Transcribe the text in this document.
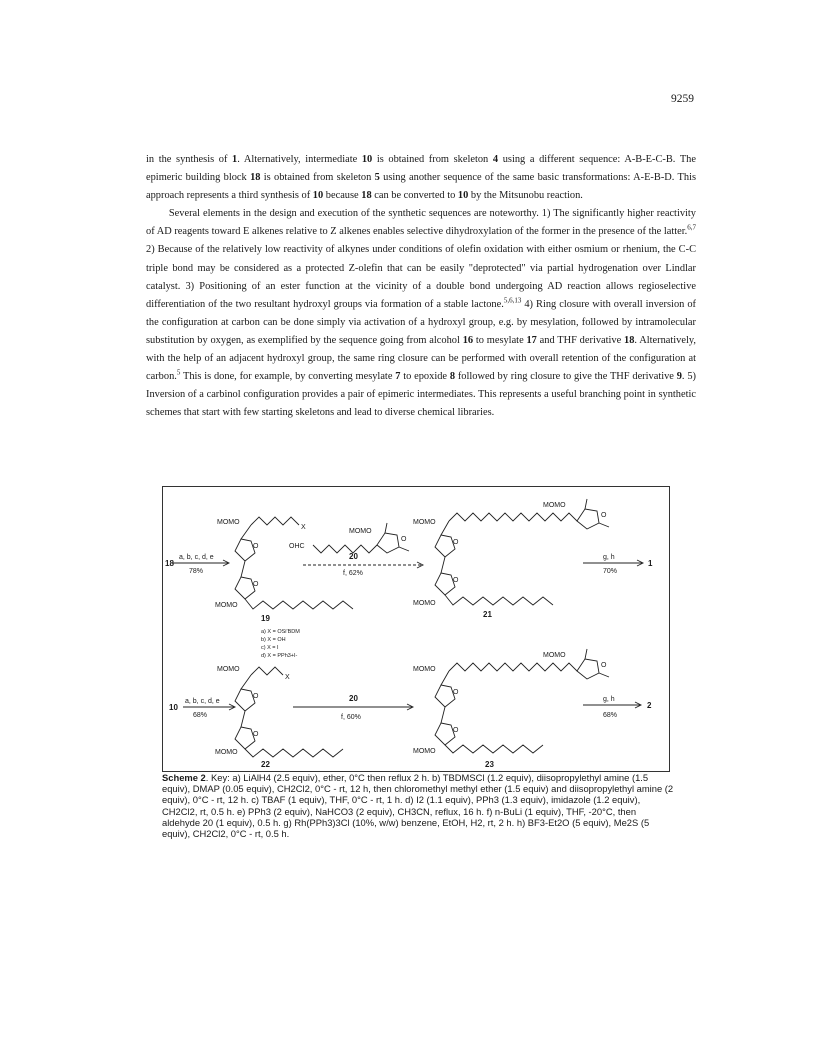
9259

in the synthesis of 1. Alternatively, intermediate 10 is obtained from skeleton 4 using a different sequence: A-B-E-C-B. The epimeric building block 18 is obtained from skeleton 5 using another sequence of the same basic transformations: A-E-B-D. This approach represents a third synthesis of 10 because 18 can be converted to 10 by the Mitsunobu reaction.

Several elements in the design and execution of the synthetic sequences are noteworthy. 1) The significantly higher reactivity of AD reagents toward E alkenes relative to Z alkenes enables selective dihydroxylation of the former in the presence of the latter.$^{6,7}$ 2) Because of the relatively low reactivity of alkynes under conditions of olefin oxidation with either osmium or rhenium, the C-C triple bond may be considered as a protected Z-olefin that can be easily "deprotected" via partial hydrogenation over Lindlar catalyst. 3) Positioning of an ester function at the vicinity of a double bond undergoing AD reaction allows regioselective differentiation of the two resultant hydroxyl groups via formation of a stable lactone.$^{5,6,13}$ 4) Ring closure with overall inversion of the configuration at carbon can be done simply via activation of a hydroxyl group, e.g. by mesylation, followed by intramolecular substitution by oxygen, as exemplified by the sequence going from alcohol 16 to mesylate 17 and THF derivative 18. Alternatively, with the help of an adjacent hydroxyl group, the same ring closure can be performed with overall retention of the configuration at carbon.$^5$ This is done, for example, by converting mesylate 7 to epoxide 8 followed by ring closure to give the THF derivative 9. 5) Inversion of a carbinol configuration provides a pair of epimeric intermediates. This represents a useful branching point in synthetic schemes that start with few starting skeletons and lead to diverse chemical libraries.

18
19	21
1
10
22	23
2
MOMO
X
O
O
MOMO
OHC
MOMO
O
MOMO
MOMO
O
O
O
MOMO
a, b, c, d, e
78%
20
f, 62%
g, h
70%
a) X = OSi'BDM
b) X = OH
c) X = I
d) X = PPh3+I-
MOMO
X
O
O
MOMO
MOMO
MOMO
O
O
O
MOMO
a, b, c, d, e
68%
20
f, 60%
g, h
68%
Scheme 2. Key: a) LiAlH4 (2.5 equiv), ether, 0°C then reflux 2 h. b) TBDMSCl (1.2 equiv), diisopropylethyl amine (1.5 equiv), DMAP (0.05 equiv), CH2Cl2, 0°C - rt, 12 h, then chloromethyl methyl ether (1.5 equiv) and diisopropylethyl amine (2 equiv), 0°C - rt, 12 h. c) TBAF (1 equiv), THF, 0°C - rt, 1 h. d) I2 (1.1 equiv), PPh3 (1.3 equiv), imidazole (1.2 equiv), CH2Cl2, rt, 0.5 h. e) PPh3 (2 equiv), NaHCO3 (2 equiv), CH3CN, reflux, 16 h. f) n-BuLi (1 equiv), THF, -20°C, then aldehyde 20 (1 equiv), 0.5 h. g) Rh(PPh3)3Cl (10%, w/w) benzene, EtOH, H2, rt, 2 h. h) BF3-Et2O (5 equiv), Me2S (5 equiv), CH2Cl2, 0°C - rt, 0.5 h.
